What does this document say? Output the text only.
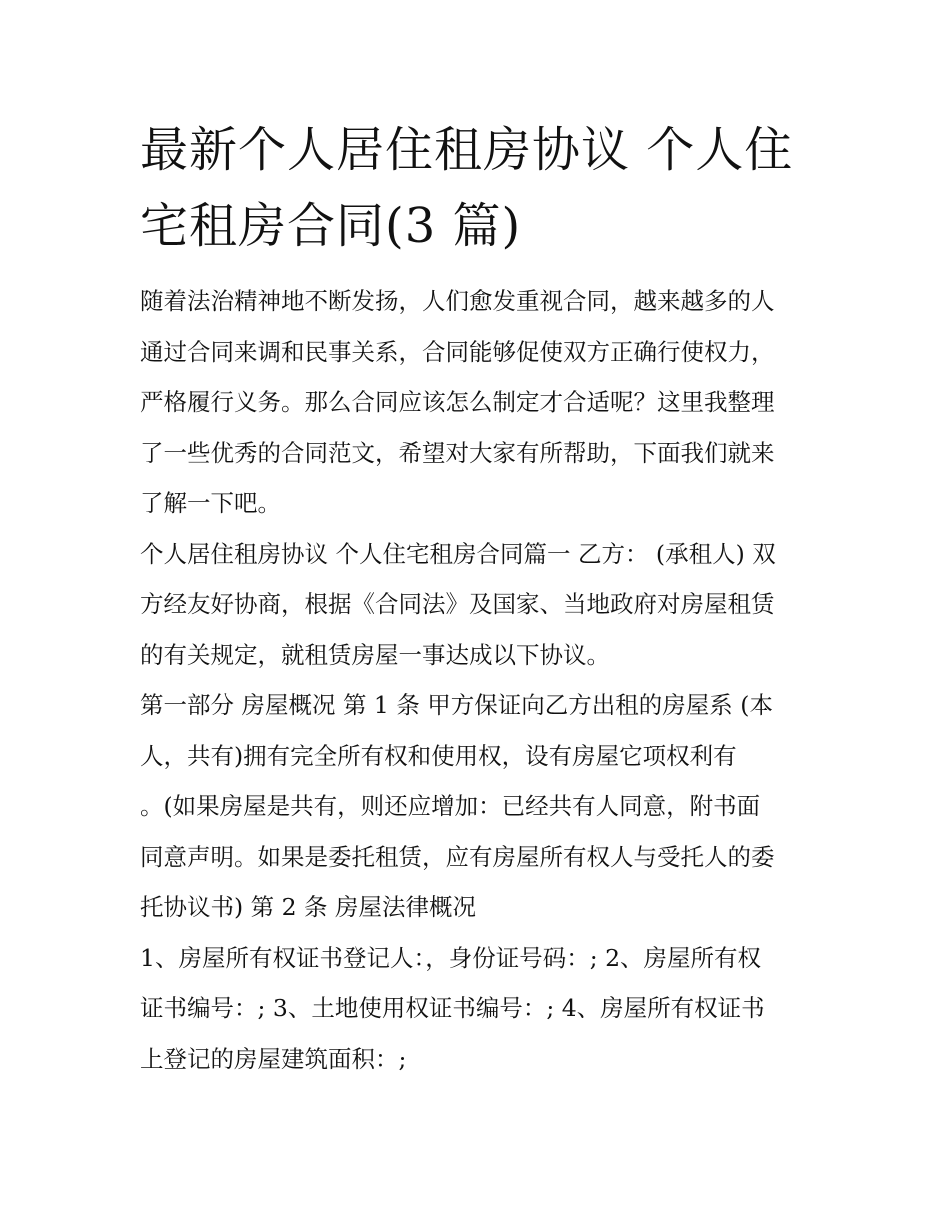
最新个人居住租房协议 个人住
宅租房合同(3 篇)

随着法治精神地不断发扬，人们愈发重视合同，越来越多的人
通过合同来调和民事关系，合同能够促使双方正确行使权力，
严格履行义务。那么合同应该怎么制定才合适呢？这里我整理
了一些优秀的合同范文，希望对大家有所帮助，下面我们就来
了解一下吧。

个人居住租房协议 个人住宅租房合同篇一 乙方： (承租人) 双
方经友好协商，根据《合同法》及国家、当地政府对房屋租赁
的有关规定，就租赁房屋一事达成以下协议。

第一部分 房屋概况 第 1 条 甲方保证向乙方出租的房屋系 (本
人，共有)拥有完全所有权和使用权，设有房屋它项权利有
。(如果房屋是共有，则还应增加：已经共有人同意，附书面
同意声明。如果是委托租赁，应有房屋所有权人与受托人的委
托协议书) 第 2 条 房屋法律概况

1、房屋所有权证书登记人：，身份证号码：; 2、房屋所有权
证书编号：; 3、土地使用权证书编号：; 4、房屋所有权证书
上登记的房屋建筑面积：;
